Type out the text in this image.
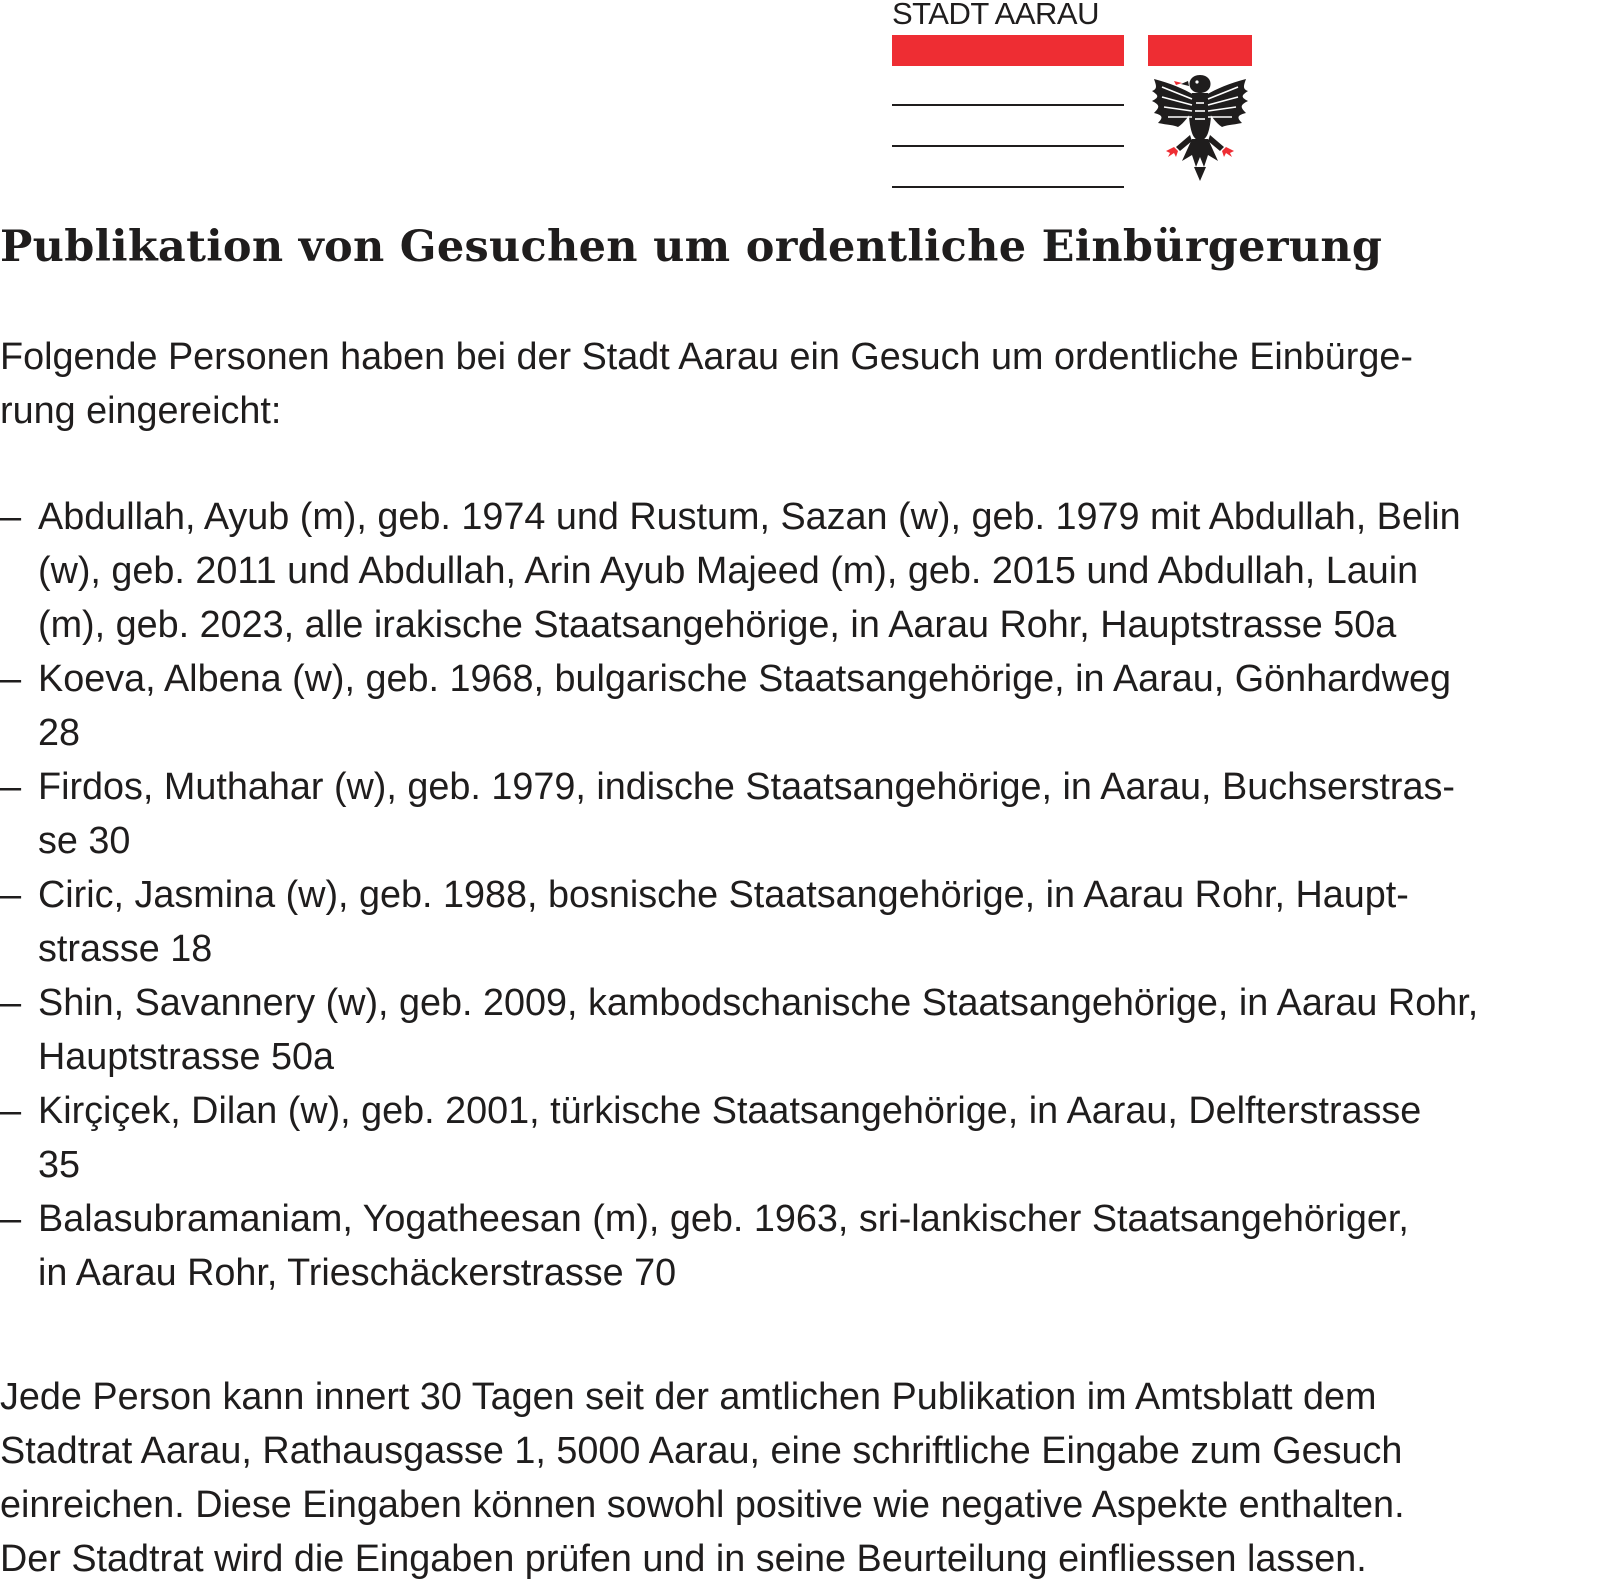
STADT AARAU
Publikation von Gesuchen um ordentliche Einbürgerung
Folgende Personen haben bei der Stadt Aarau ein Gesuch um ordentliche Einbürge-
rung eingereicht:
– Abdullah, Ayub (m), geb. 1974 und Rustum, Sazan (w), geb. 1979 mit Abdullah, Belin
(w), geb. 2011 und Abdullah, Arin Ayub Majeed (m), geb. 2015 und Abdullah, Lauin
(m), geb. 2023, alle irakische Staatsangehörige, in Aarau Rohr, Hauptstrasse 50a
– Koeva, Albena (w), geb. 1968, bulgarische Staatsangehörige, in Aarau, Gönhardweg
28
– Firdos, Muthahar (w), geb. 1979, indische Staatsangehörige, in Aarau, Buchserstras-
se 30
– Ciric, Jasmina (w), geb. 1988, bosnische Staatsangehörige, in Aarau Rohr, Haupt-
strasse 18
– Shin, Savannery (w), geb. 2009, kambodschanische Staatsangehörige, in Aarau Rohr,
Hauptstrasse 50a
– Kirçiçek, Dilan (w), geb. 2001, türkische Staatsangehörige, in Aarau, Delfterstrasse
35
– Balasubramaniam, Yogatheesan (m), geb. 1963, sri-lankischer Staatsangehöriger,
in Aarau Rohr, Trieschäckerstrasse 70
Jede Person kann innert 30 Tagen seit der amtlichen Publikation im Amtsblatt dem
Stadtrat Aarau, Rathausgasse 1, 5000 Aarau, eine schriftliche Eingabe zum Gesuch
einreichen. Diese Eingaben können sowohl positive wie negative Aspekte enthalten.
Der Stadtrat wird die Eingaben prüfen und in seine Beurteilung einfliessen lassen.
